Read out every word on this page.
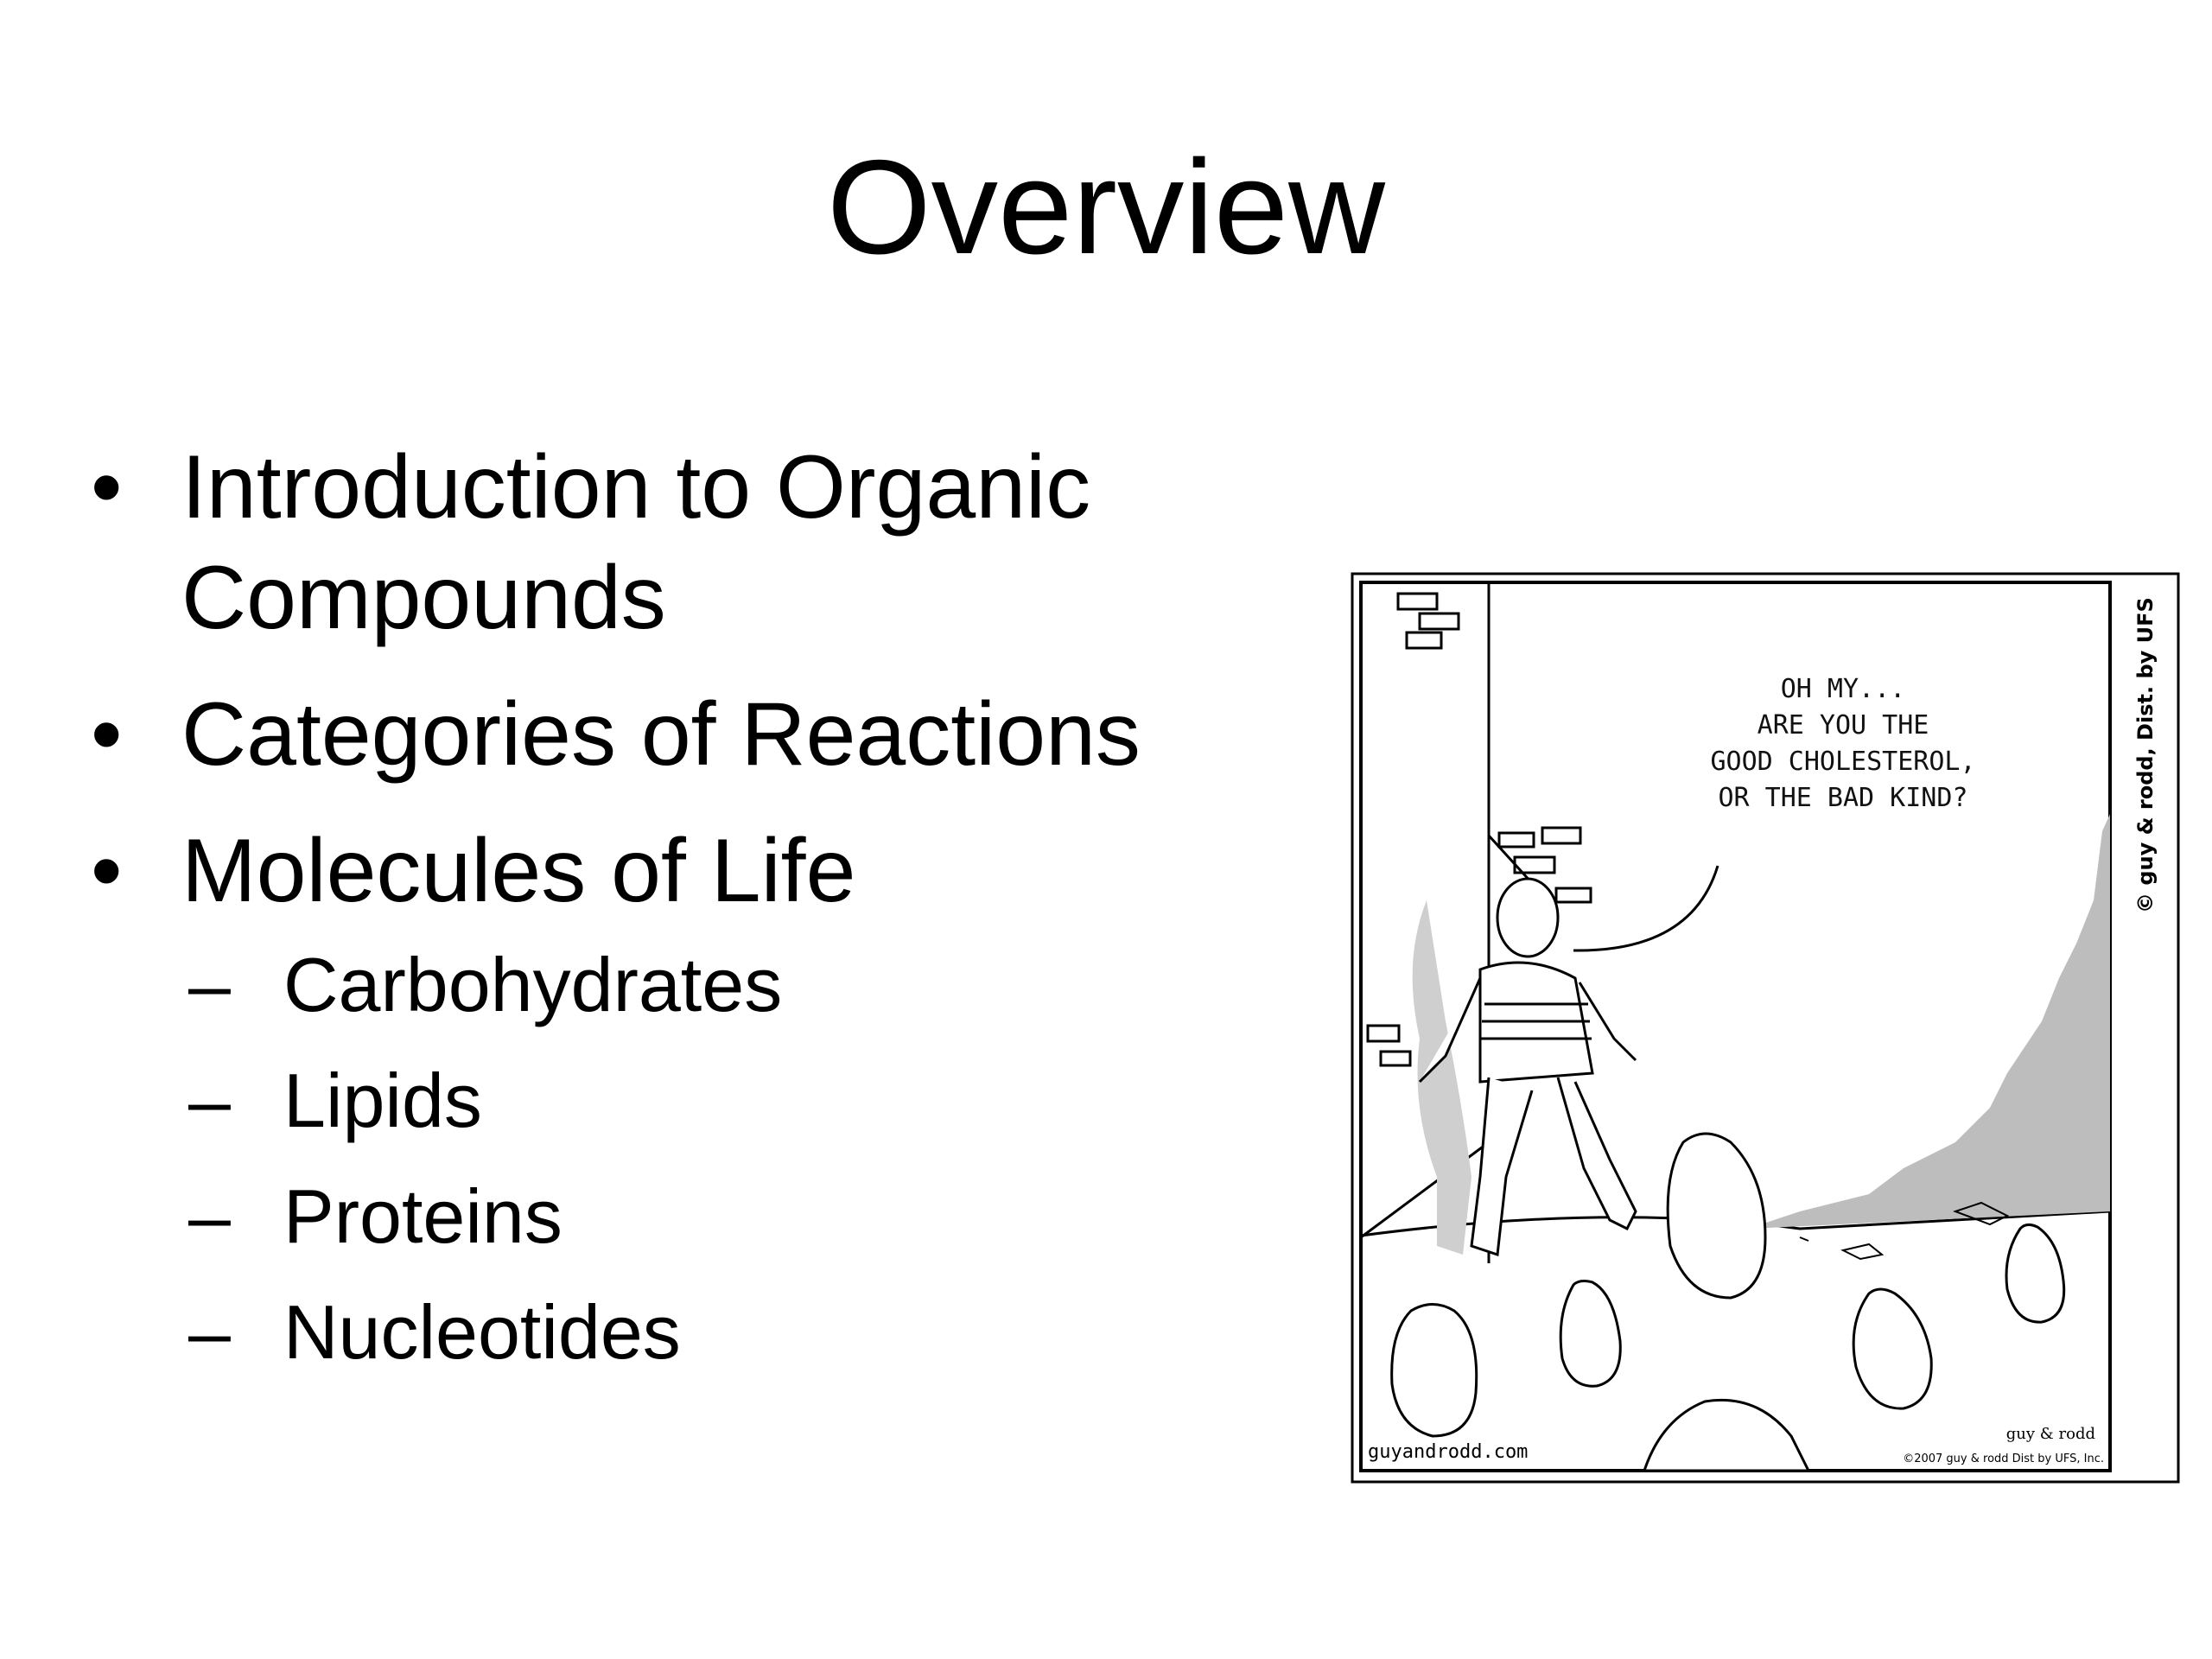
Overview
• Introduction to Organic Compounds
• Categories of Reactions
• Molecules of Life
– Carbohydrates
– Lipids
– Proteins
– Nucleotides
OH MY...
ARE YOU THE
GOOD CHOLESTEROL,
OR THE BAD KIND?	© guy & rodd, Dist. by UFS
guyandrodd.com	©2007 guy & rodd Dist by UFS, Inc.
guy & rodd
